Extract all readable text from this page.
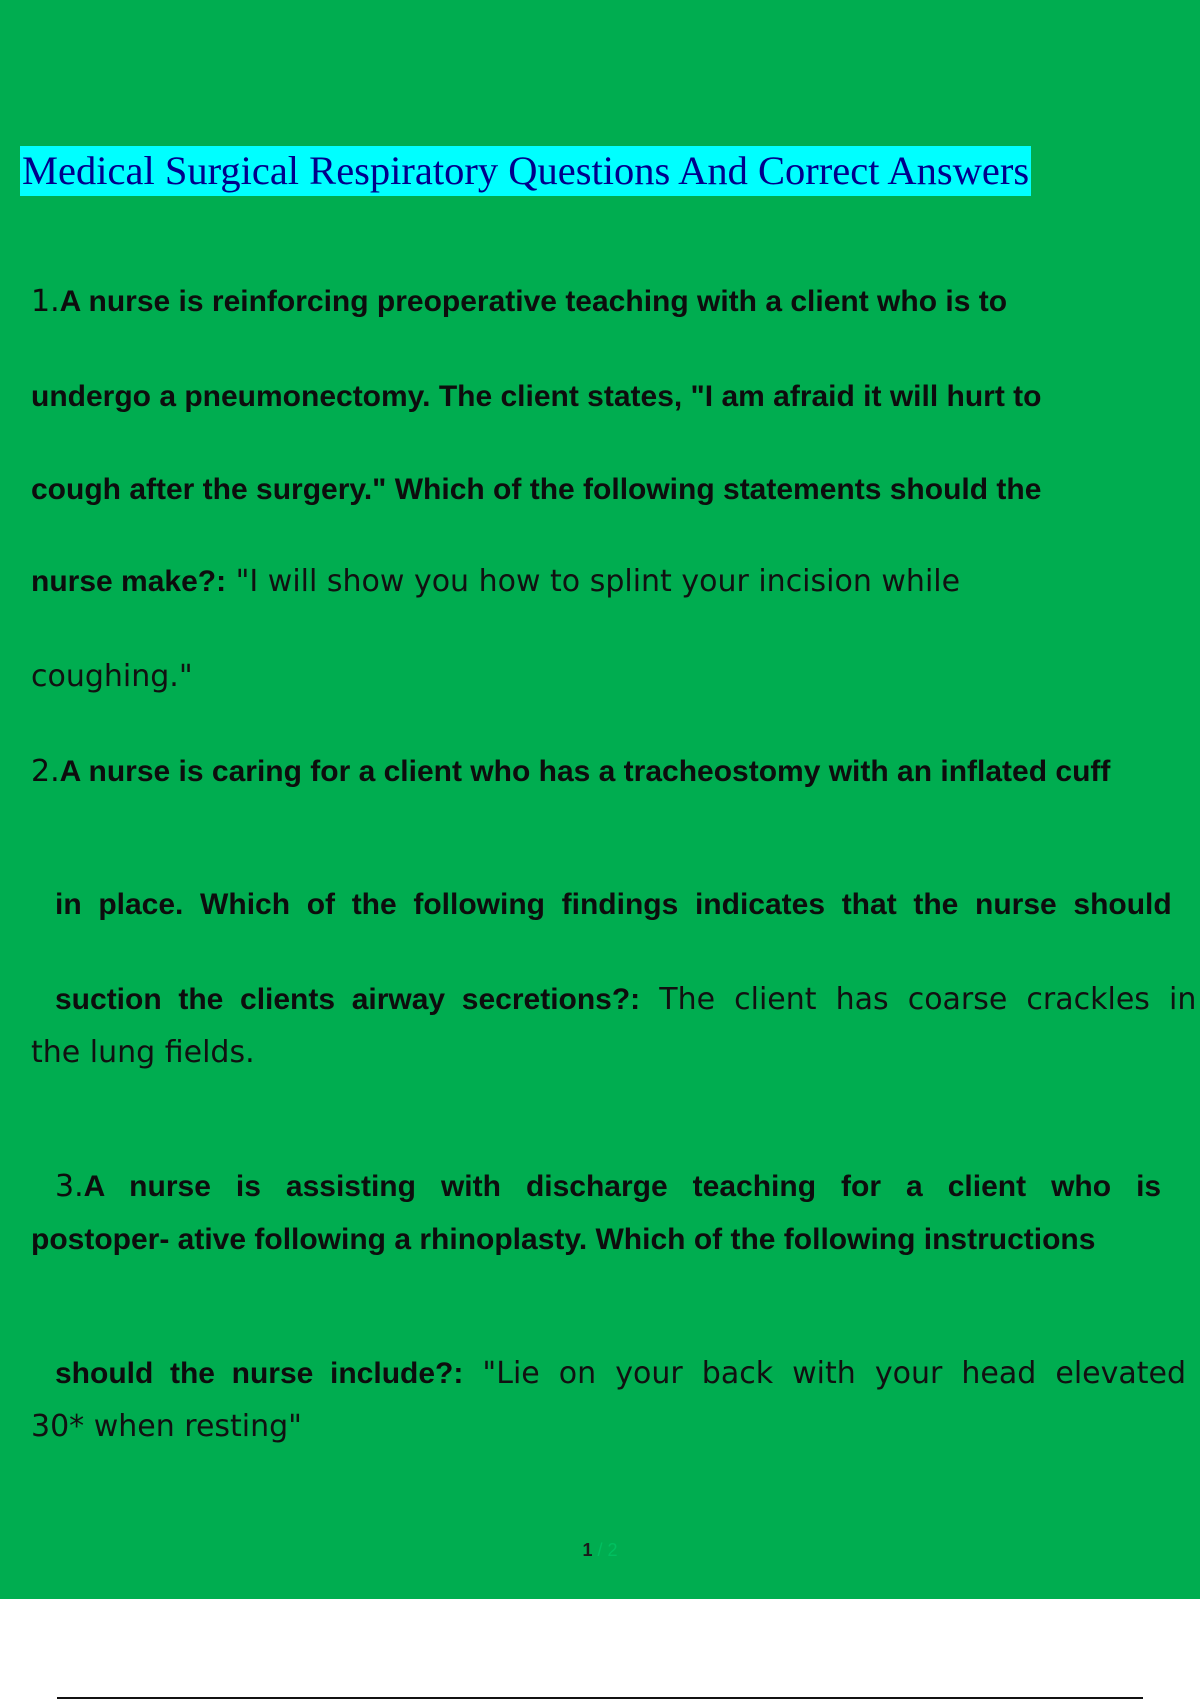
Medical Surgical Respiratory Questions And Correct Answers
1.A nurse is reinforcing preoperative teaching with a client who is to
undergo a pneumonectomy. The client states, "I am afraid it will hurt to
cough after the surgery." Which of the following statements should the
nurse make?: "I will show you how to splint your incision while
coughing."
2.A nurse is caring for a client who has a tracheostomy with an inflated cuff

in  place.  Which  of  the  following  findings  indicates  that  the  nurse  should

suction  the  clients  airway  secretions?:  The  client  has  coarse  crackles  in

the lung fields.

3.A   nurse   is   assisting   with   discharge   teaching   for   a   client   who   is

postoper- ative following a rhinoplasty. Which of the following instructions

should  the  nurse  include?:  "Lie  on  your  back  with  your  head  elevated

30* when resting"
1 / 2
